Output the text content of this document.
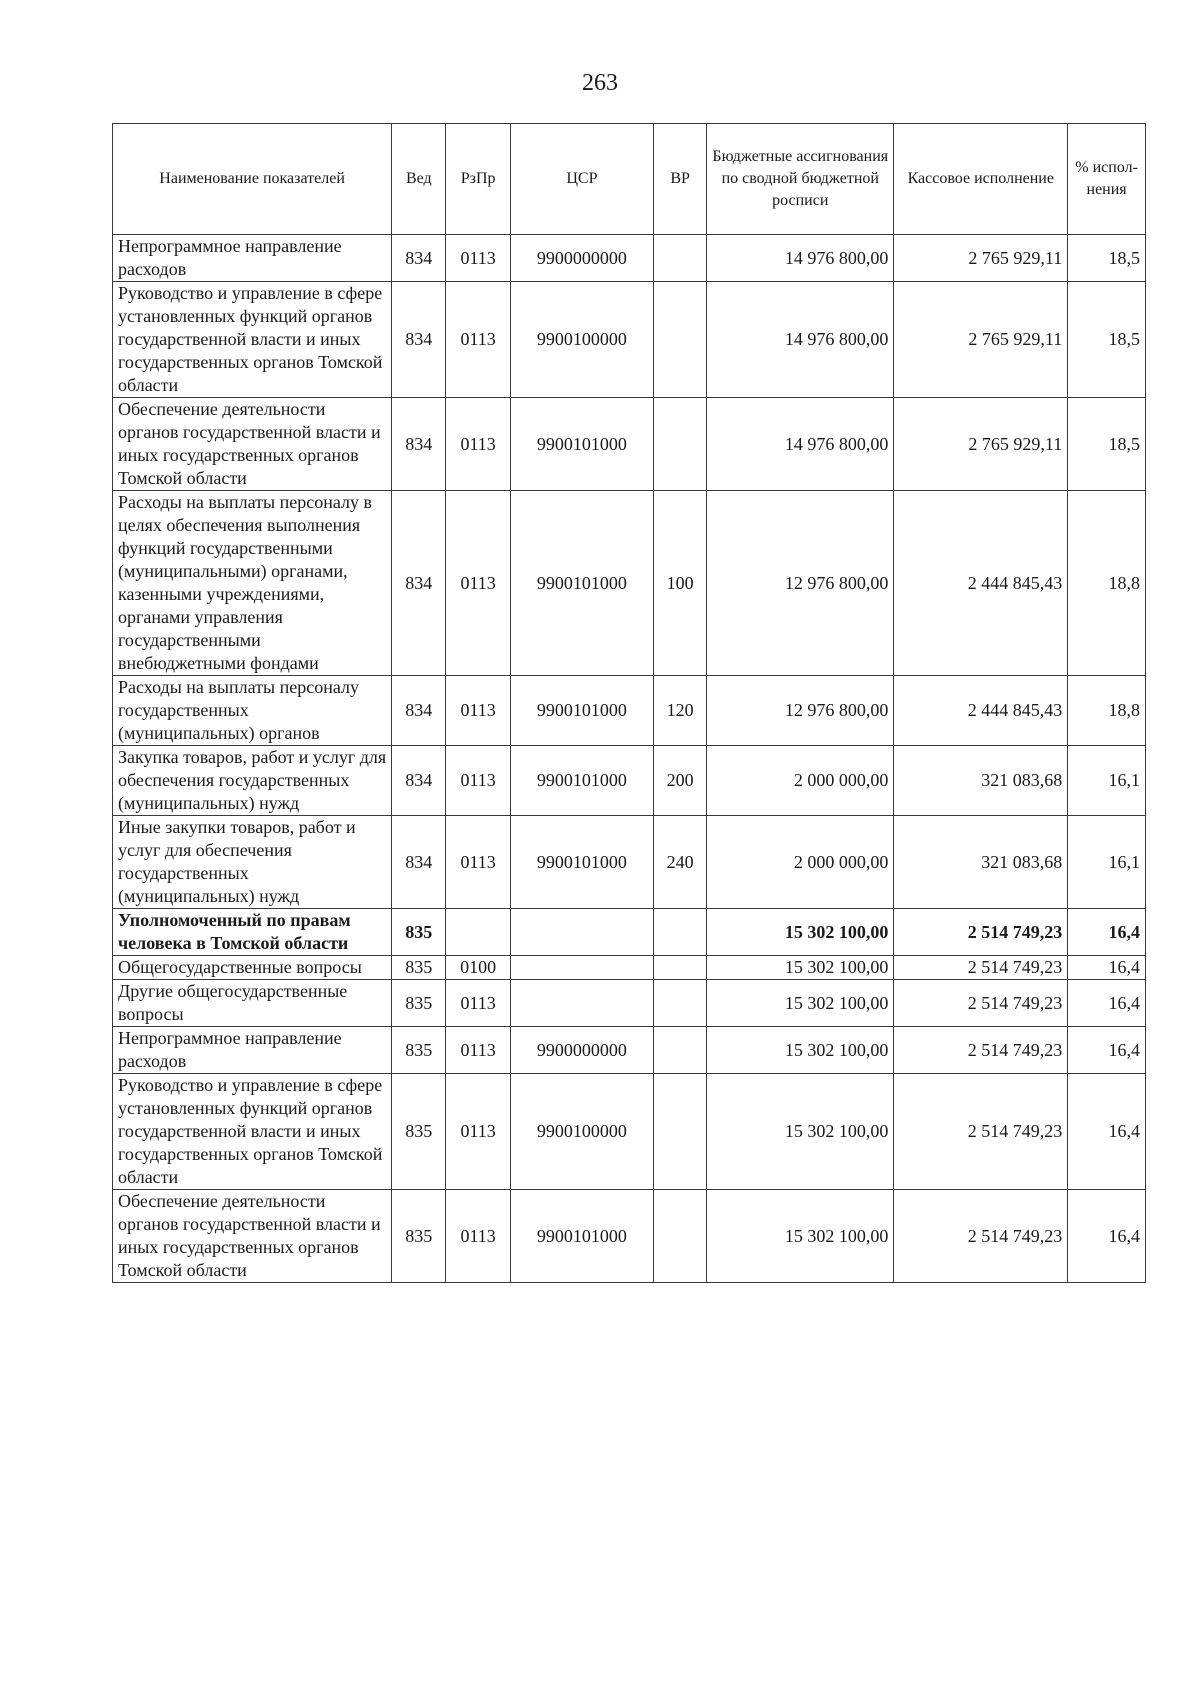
263
Наименование показателей	Вед	РзПр	ЦСР	ВР	Бюджетные ассигнования по сводной бюджетной росписи	Кассовое исполнение	% испол-нения
Непрограммное направление расходов	834	0113	9900000000		14 976 800,00	2 765 929,11	18,5
Руководство и управление в сфере установленных функций органов государственной власти и иных государственных органов Томской области	834	0113	9900100000		14 976 800,00	2 765 929,11	18,5
Обеспечение деятельности органов государственной власти и иных государственных органов Томской области	834	0113	9900101000		14 976 800,00	2 765 929,11	18,5
Расходы на выплаты персоналу в целях обеспечения выполнения функций государственными (муниципальными) органами, казенными учреждениями, органами управления государственными внебюджетными фондами	834	0113	9900101000	100	12 976 800,00	2 444 845,43	18,8
Расходы на выплаты персоналу государственных (муниципальных) органов	834	0113	9900101000	120	12 976 800,00	2 444 845,43	18,8
Закупка товаров, работ и услуг для обеспечения государственных (муниципальных) нужд	834	0113	9900101000	200	2 000 000,00	321 083,68	16,1
Иные закупки товаров, работ и услуг для обеспечения государственных (муниципальных) нужд	834	0113	9900101000	240	2 000 000,00	321 083,68	16,1
Уполномоченный по правам человека в Томской области	835				15 302 100,00	2 514 749,23	16,4
Общегосударственные вопросы	835	0100			15 302 100,00	2 514 749,23	16,4
Другие общегосударственные вопросы	835	0113			15 302 100,00	2 514 749,23	16,4
Непрограммное направление расходов	835	0113	9900000000		15 302 100,00	2 514 749,23	16,4
Руководство и управление в сфере установленных функций органов государственной власти и иных государственных органов Томской области	835	0113	9900100000		15 302 100,00	2 514 749,23	16,4
Обеспечение деятельности органов государственной власти и иных государственных органов Томской области	835	0113	9900101000		15 302 100,00	2 514 749,23	16,4
